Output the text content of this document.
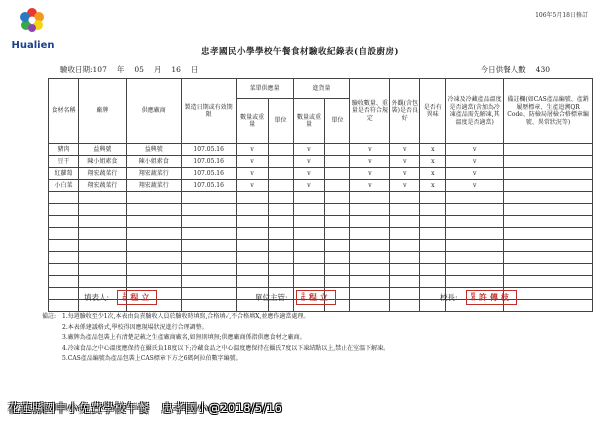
Hualien
106年5月18日修訂
忠孝國民小學學校午餐食材驗收紀錄表(自設廚房)
驗收日期:107 年 05 月 16 日	今日供餐人數 430
食材名稱	廠牌	供應廠商	製造日期或有效期限	菜單供應量		進貨量		驗收數量、重量是否符合規定	外觀(含包裝)是否良好	是否有異味	冷凍及冷藏產品溫度是否適當(含加為冷凍產品需先解凍,其溫度是否適當)	備註欄(如CAS產品編號、產銷履歷標章、生產追溯QR Code、防檢局屠檢合格標章編號、異常狀況等)
				數量或重量	單位	數量或重量	單位					
豬肉	益興號	益興號	107.05.16	v		v		v	v	x	v	
豆干	陳小姐素食	陳小姐素食	107.05.16	v		v		v	v	x	v	
紅蘿蔔	翔宏蔬菜行	翔宏蔬菜行	107.05.16	v		v		v	v	x	v	
小白菜	翔宏蔬菜行	翔宏蔬菜行	107.05.16	v		v		v	v	x	v	

填表人:	主任 程立	單位主管:	主任 程立	校長:	校長 許傳枝
備註: 1.每週驗收至少1次,本表由負責驗收人員於驗收時填寫,合格填✓,不合格填X,並應作適當處理。
2.本表係建議格式,學校得因應現場狀況進行合理調整。
3.廠牌為產品包裝上有清楚記載之生產廠商廠名,如無則填無;供應廠商係指供應食材之廠商。
4.冷凍食品之中心溫度應保持在攝氏負18度以下;冷藏食品之中心溫度應保持在攝氏7度以下凍結點以上,禁止在室溫下解凍。
5.CAS產品編號為產品包裝上CAS標章下方之6碼阿拉伯數字編號。
花蓮縣國中小免費學校午餐　忠孝國小@2018/5/16
